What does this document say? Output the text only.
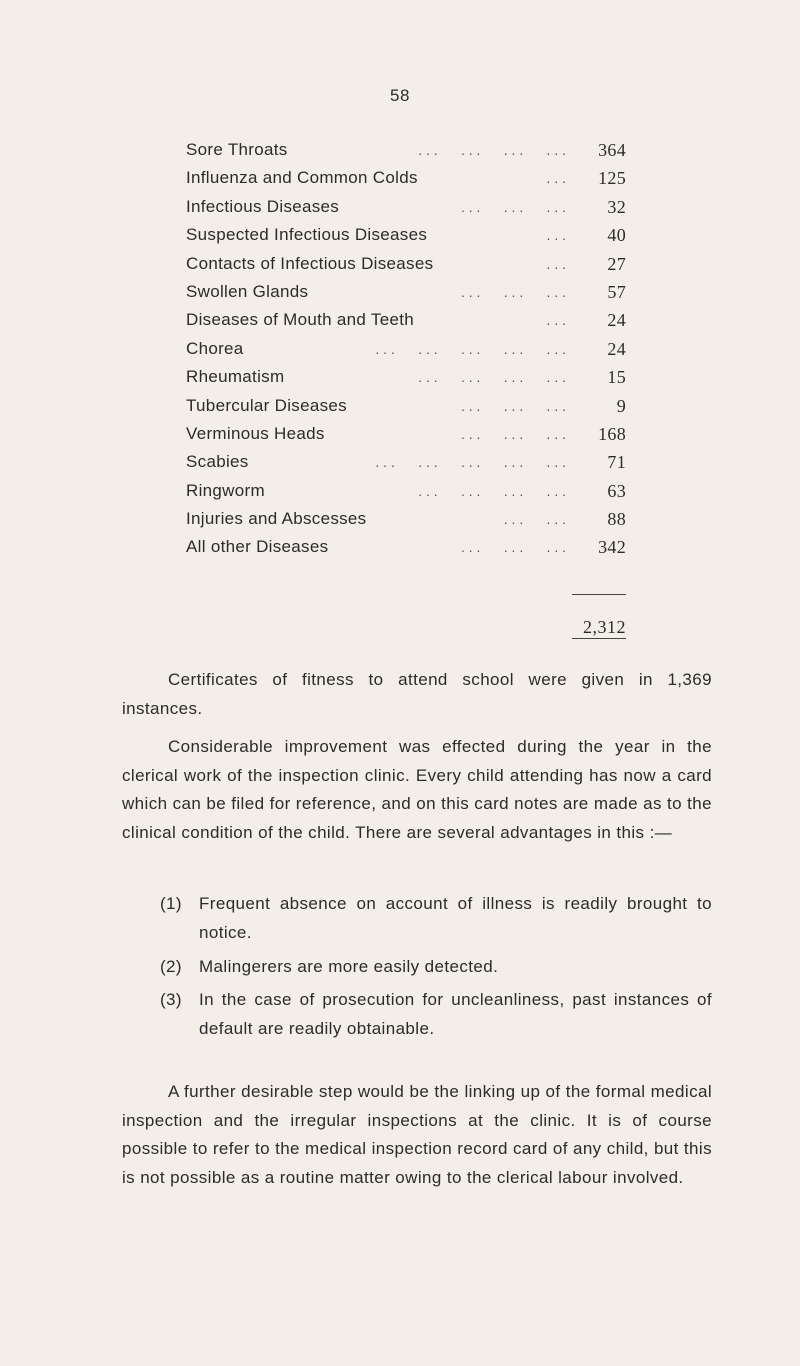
58
. . .      . . .      . . .      . . .
Sore Throats	364
. . .
Influenza and Common Colds	125
. . .      . . .      . . .
Infectious Diseases	32
. . .
Suspected Infectious Diseases	40
. . .
Contacts of Infectious Diseases	27
. . .      . . .      . . .
Swollen Glands	57
. . .
Diseases of Mouth and Teeth	24
. . .      . . .      . . .      . . .      . . .
Chorea	24
. . .      . . .      . . .      . . .
Rheumatism	15
. . .      . . .      . . .
Tubercular Diseases	9
. . .      . . .      . . .
Verminous Heads	168
. . .      . . .      . . .      . . .      . . .
Scabies	71
. . .      . . .      . . .      . . .
Ringworm	63
. . .      . . .
Injuries and Abscesses	88
. . .      . . .      . . .
All other Diseases	342
2,312

Certificates of fitness to attend school were given in 1,369 instances.

Considerable improvement was effected during the year in the clerical work of the inspection clinic. Every child attending has now a card which can be filed for reference, and on this card notes are made as to the clinical condition of the child. There are several advantages in this :—

(1) Frequent absence on account of illness is readily brought to notice.

(2) Malingerers are more easily detected.

(3) In the case of prosecution for uncleanliness, past instances of default are readily obtainable.

A further desirable step would be the linking up of the formal medical inspection and the irregular inspections at the clinic. It is of course possible to refer to the medical inspection record card of any child, but this is not possible as a routine matter owing to the clerical labour involved.
